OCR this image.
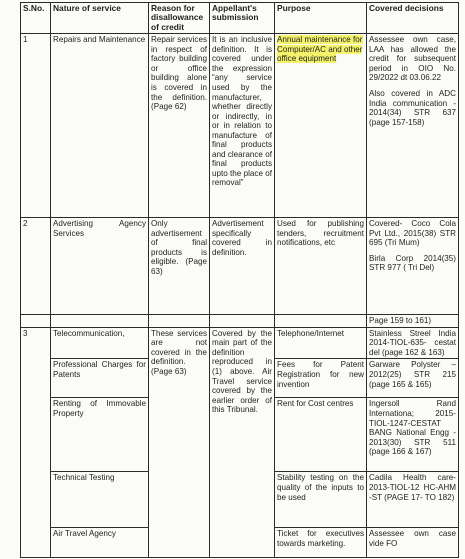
S.No.	Nature of service	Reason for disallowance of credit	Appellant's submission	Purpose	Covered decisions
1	Repairs and Maintenance	Repair services in respect of factory building or office building alone is covered in the definition. (Page 62)	It is an inclusive definition. It is covered under the expression “any service used by the manufacturer, whether directly or indirectly, in or in relation to manufacture of final products and clearance of final products upto the place of removal”	Annual maintenance for Computer/AC and other office equipment	Assessee own case, LAA has allowed the credit for subsequent period in OIO No. 29/2022 dt 03.06.22
Also covered in ADC India communication - 2014(34) STR 637 (page 157-158)

2	Advertising Agency Services	Only advertisement of final products is eligible. (Page 63)	Advertisement specifically covered in definition.	Used for publishing tenders, recruitment notifications, etc	Covered- Coco Cola Pvt Ltd., 2015(38) STR 695 (Tri Mum)
Birla Corp 2014(35) STR 977 ( Tri Del)

					Page 159 to 161)
3	Telecommunication,	These services are not covered in the definition. (Page 63)	Covered by the main part of the definition reproduced in (1) above. Air Travel service covered by the earlier order of this Tribunal.	Telephone/Internet	Stainless Streel India 2014-TIOL-635- cestat del (page 162 & 163)
	Professional Charges for Patents			Fees for Patent Registration for new invention	Garware Polyster – 2012(25) STR 215 (page 165 & 165)
	Renting of Immovable Property			Rent for Cost centres	Ingersoll Rand Internationa; 2015-TIOL-1247-CESTAT BANG National Engg - 2013(30) STR 511 (page 166 & 167)
	Technical Testing			Stability testing on the quality of the inputs to be used	Cadila Health care-2013-TIOL-12 HC-AHM -ST (PAGE 17- TO 182)
	Air Travel Agency			Ticket for executives towards marketing.	Assessee own case vide FO
